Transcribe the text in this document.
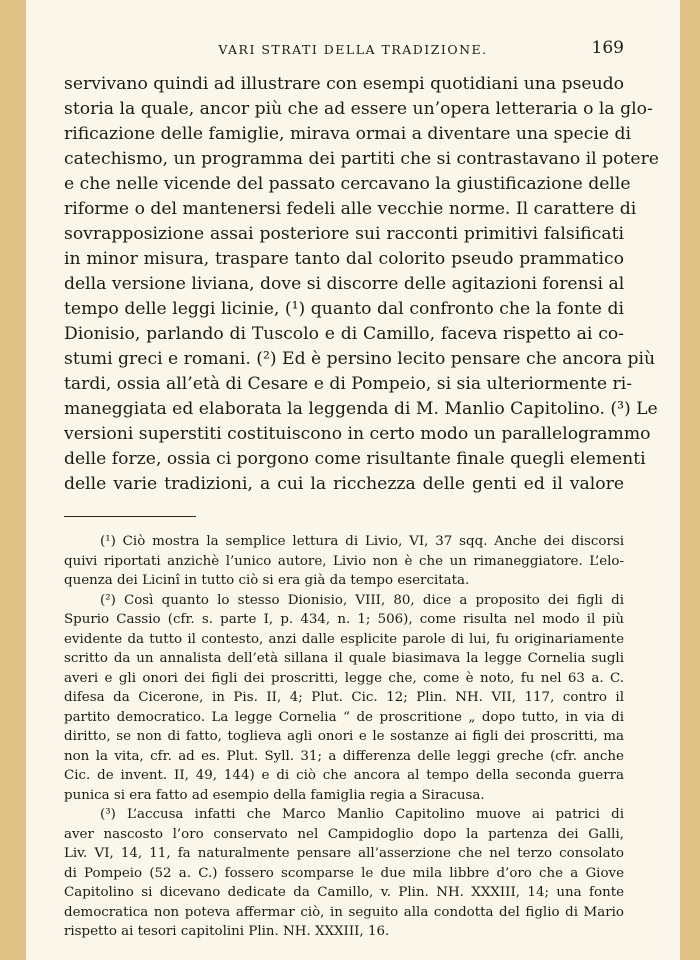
VARI STRATI DELLA TRADIZIONE.	169
servivano quindi ad illustrare con esempi quotidiani una pseudo
storia la quale, ancor più che ad essere un’opera letteraria o la glo-
rificazione delle famiglie, mirava ormai a diventare una specie di
catechismo, un programma dei partiti che si contrastavano il potere
e che nelle vicende del passato cercavano la giustificazione delle
riforme o del mantenersi fedeli alle vecchie norme. Il carattere di
sovrapposizione assai posteriore sui racconti primitivi falsificati
in minor misura, traspare tanto dal colorito pseudo prammatico
della versione liviana, dove si discorre delle agitazioni forensi al
tempo delle leggi licinie, (¹) quanto dal confronto che la fonte di
Dionisio, parlando di Tuscolo e di Camillo, faceva rispetto ai co-
stumi greci e romani. (²) Ed è persino lecito pensare che ancora più
tardi, ossia all’età di Cesare e di Pompeio, si sia ulteriormente ri-
maneggiata ed elaborata la leggenda di M. Manlio Capitolino. (³) Le
versioni superstiti costituiscono in certo modo un parallelogrammo
delle forze, ossia ci porgono come risultante finale quegli elementi
delle varie tradizioni, a cui la ricchezza delle genti ed il valore
(¹) Ciò mostra la semplice lettura di Livio, VI, 37 sqq. Anche dei discorsi
quivi riportati anzichè l’unico autore, Livio non è che un rimaneggiatore. L’elo-
quenza dei Licinî in tutto ciò si era già da tempo esercitata.
(²) Così quanto lo stesso Dionisio, VIII, 80, dice a proposito dei figli di
Spurio Cassio (cfr. s. parte I, p. 434, n. 1; 506), come risulta nel modo il più
evidente da tutto il contesto, anzi dalle esplicite parole di lui, fu originariamente
scritto da un annalista dell’età sillana il quale biasimava la legge Cornelia sugli
averi e gli onori dei figli dei proscritti, legge che, come è noto, fu nel 63 a. C.
difesa da Cicerone, in Pis. II, 4; Plut. Cic. 12; Plin. NH. VII, 117, contro il
partito democratico. La legge Cornelia “ de proscritione „ dopo tutto, in via di
diritto, se non di fatto, toglieva agli onori e le sostanze ai figli dei proscritti, ma
non la vita, cfr. ad es. Plut. Syll. 31; a differenza delle leggi greche (cfr. anche
Cic. de invent. II, 49, 144) e di ciò che ancora al tempo della seconda guerra
punica si era fatto ad esempio della famiglia regia a Siracusa.
(³) L’accusa infatti che Marco Manlio Capitolino muove ai patrici di
aver nascosto l’oro conservato nel Campidoglio dopo la partenza dei Galli,
Liv. VI, 14, 11, fa naturalmente pensare all’asserzione che nel terzo consolato
di Pompeio (52 a. C.) fossero scomparse le due mila libbre d’oro che a Giove
Capitolino si dicevano dedicate da Camillo, v. Plin. NH. XXXIII, 14; una fonte
democratica non poteva affermar ciò, in seguito alla condotta del figlio di Mario
rispetto ai tesori capitolini Plin. NH. XXXIII, 16.
